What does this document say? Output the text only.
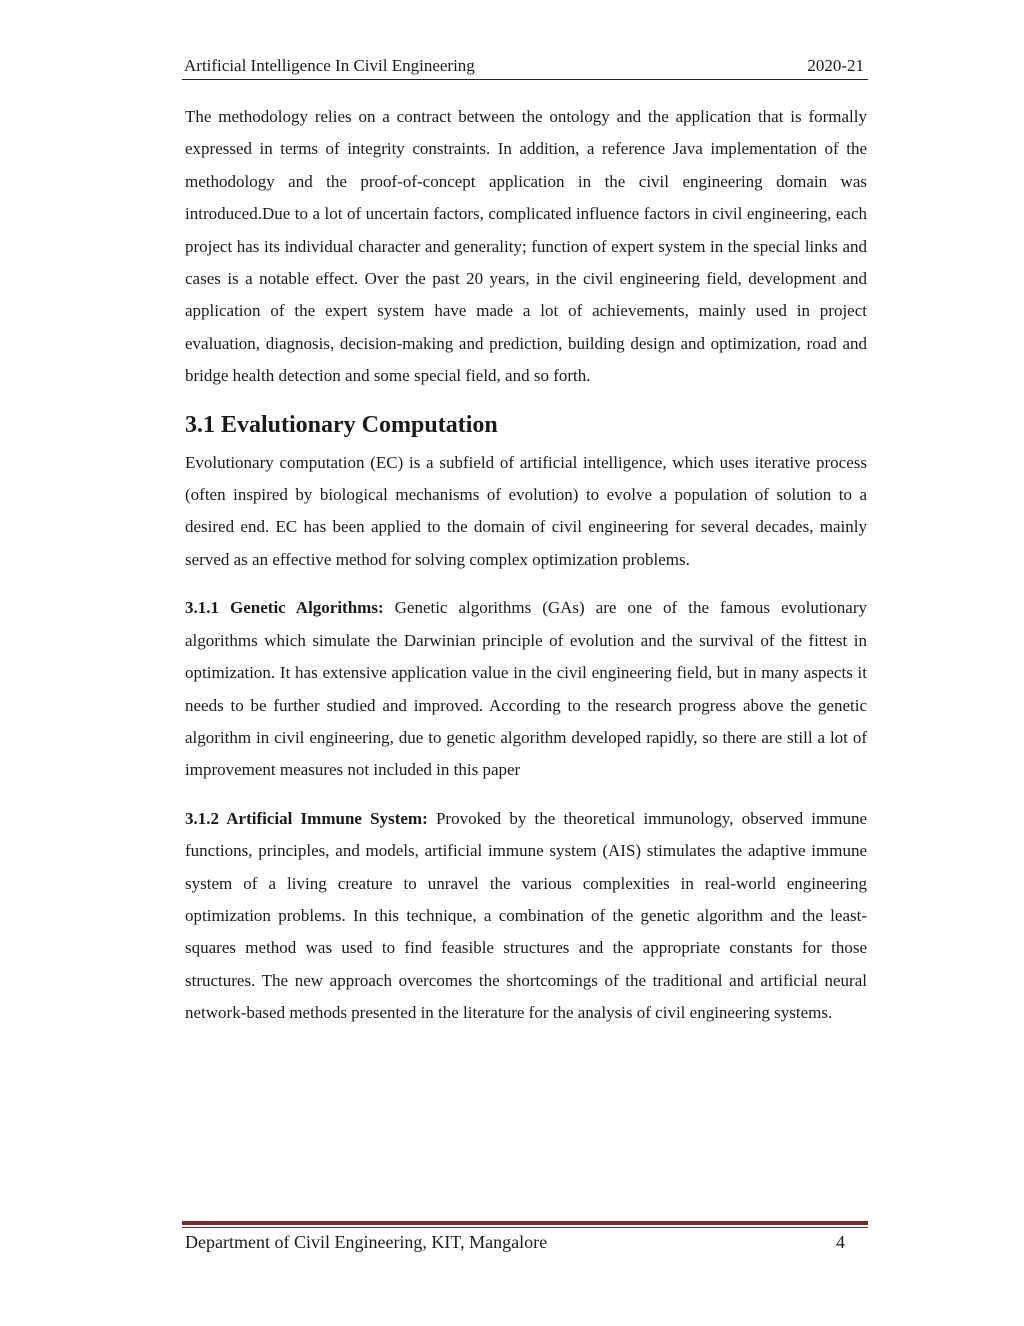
Artificial Intelligence In Civil Engineering	2020-21

The methodology relies on a contract between the ontology and the application that is formally expressed in terms of integrity constraints. In addition, a reference Java implementation of the methodology and the proof-of-concept application in the civil engineering domain was introduced.Due to a lot of uncertain factors, complicated influence factors in civil engineering, each project has its individual character and generality; function of expert system in the special links and cases is a notable effect. Over the past 20 years, in the civil engineering field, development and application of the expert system have made a lot of achievements, mainly used in project evaluation, diagnosis, decision-making and prediction, building design and optimization, road and bridge health detection and some special field, and so forth.

3.1 Evalutionary Computation

Evolutionary computation (EC) is a subfield of artificial intelligence, which uses iterative process (often inspired by biological mechanisms of evolution) to evolve a population of solution to a desired end. EC has been applied to the domain of civil engineering for several decades, mainly served as an effective method for solving complex optimization problems.

3.1.1 Genetic Algorithms: Genetic algorithms (GAs) are one of the famous evolutionary algorithms which simulate the Darwinian principle of evolution and the survival of the fittest in optimization. It has extensive application value in the civil engineering field, but in many aspects it needs to be further studied and improved. According to the research progress above the genetic algorithm in civil engineering, due to genetic algorithm developed rapidly, so there are still a lot of improvement measures not included in this paper

3.1.2 Artificial Immune System: Provoked by the theoretical immunology, observed immune functions, principles, and models, artificial immune system (AIS) stimulates the adaptive immune system of a living creature to unravel the various complexities in real-world engineering optimization problems. In this technique, a combination of the genetic algorithm and the least-squares method was used to find feasible structures and the appropriate constants for those structures. The new approach overcomes the shortcomings of the traditional and artificial neural network-based methods presented in the literature for the analysis of civil engineering systems.

Department of Civil Engineering, KIT, Mangalore	4
